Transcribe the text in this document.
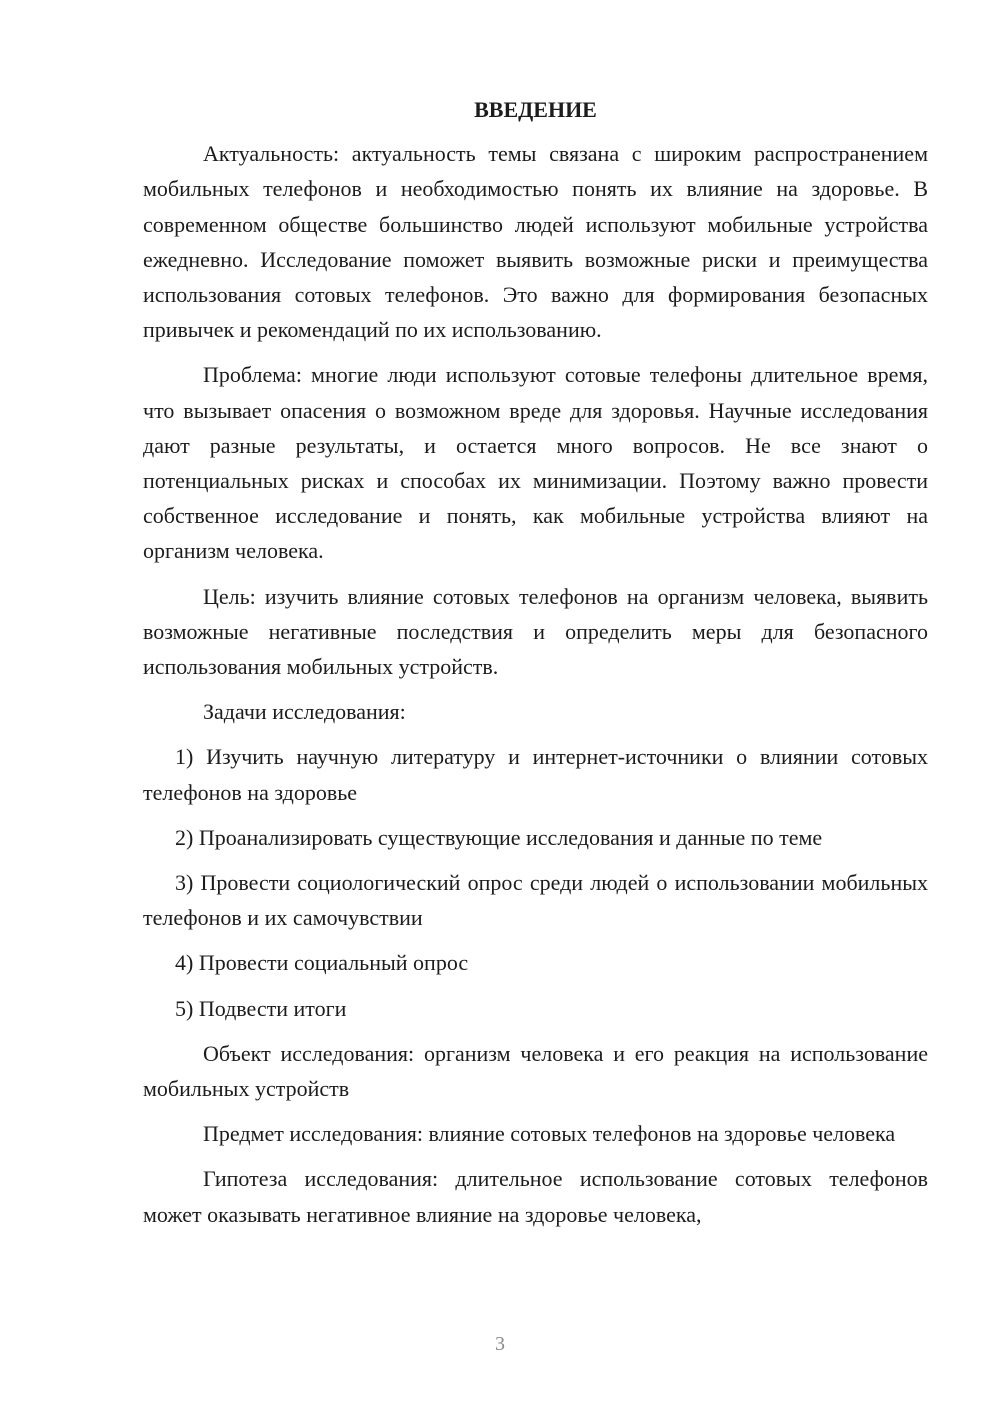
ВВЕДЕНИЕ

Актуальность: актуальность темы связана с широким распространением мобильных телефонов и необходимостью понять их влияние на здоровье. В современном обществе большинство людей используют мобильные устройства ежедневно. Исследование поможет выявить возможные риски и преимущества использования сотовых телефонов. Это важно для формирования безопасных привычек и рекомендаций по их использованию.

Проблема: многие люди используют сотовые телефоны длительное время, что вызывает опасения о возможном вреде для здоровья. Научные исследования дают разные результаты, и остается много вопросов. Не все знают о потенциальных рисках и способах их минимизации. Поэтому важно провести собственное исследование и понять, как мобильные устройства влияют на организм человека.

Цель: изучить влияние сотовых телефонов на организм человека, выявить возможные негативные последствия и определить меры для безопасного использования мобильных устройств.

Задачи исследования:

1) Изучить научную литературу и интернет-источники о влиянии сотовых телефонов на здоровье

2) Проанализировать существующие исследования и данные по теме

3) Провести социологический опрос среди людей о использовании мобильных телефонов и их самочувствии

4) Провести социальный опрос

5) Подвести итоги

Объект исследования: организм человека и его реакция на использование мобильных устройств

Предмет исследования: влияние сотовых телефонов на здоровье человека

Гипотеза исследования: длительное использование сотовых телефонов может оказывать негативное влияние на здоровье человека,

3
